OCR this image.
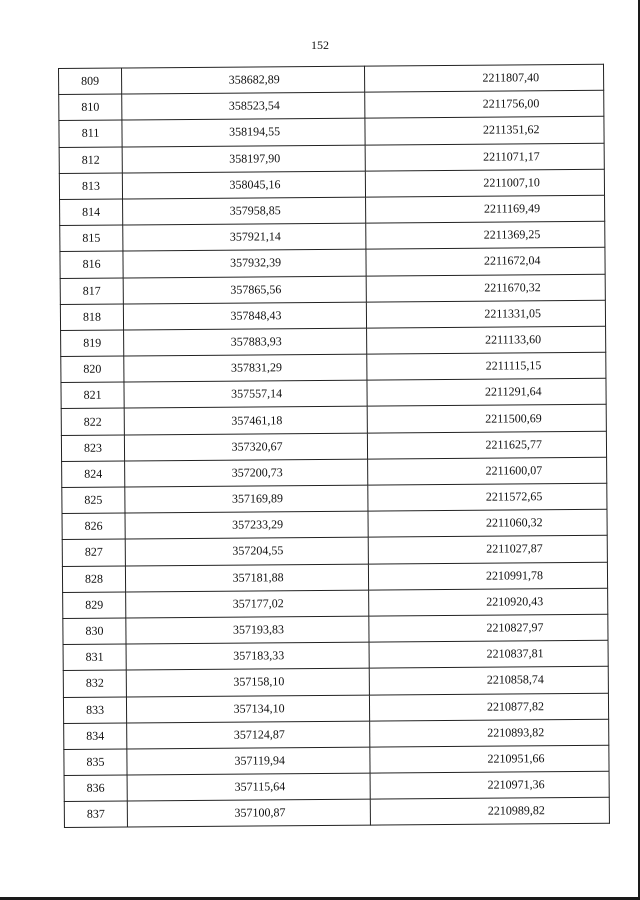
152
809	358682,89	2211807,40
810	358523,54	2211756,00
811	358194,55	2211351,62
812	358197,90	2211071,17
813	358045,16	2211007,10
814	357958,85	2211169,49
815	357921,14	2211369,25
816	357932,39	2211672,04
817	357865,56	2211670,32
818	357848,43	2211331,05
819	357883,93	2211133,60
820	357831,29	2211115,15
821	357557,14	2211291,64
822	357461,18	2211500,69
823	357320,67	2211625,77
824	357200,73	2211600,07
825	357169,89	2211572,65
826	357233,29	2211060,32
827	357204,55	2211027,87
828	357181,88	2210991,78
829	357177,02	2210920,43
830	357193,83	2210827,97
831	357183,33	2210837,81
832	357158,10	2210858,74
833	357134,10	2210877,82
834	357124,87	2210893,82
835	357119,94	2210951,66
836	357115,64	2210971,36
837	357100,87	2210989,82
